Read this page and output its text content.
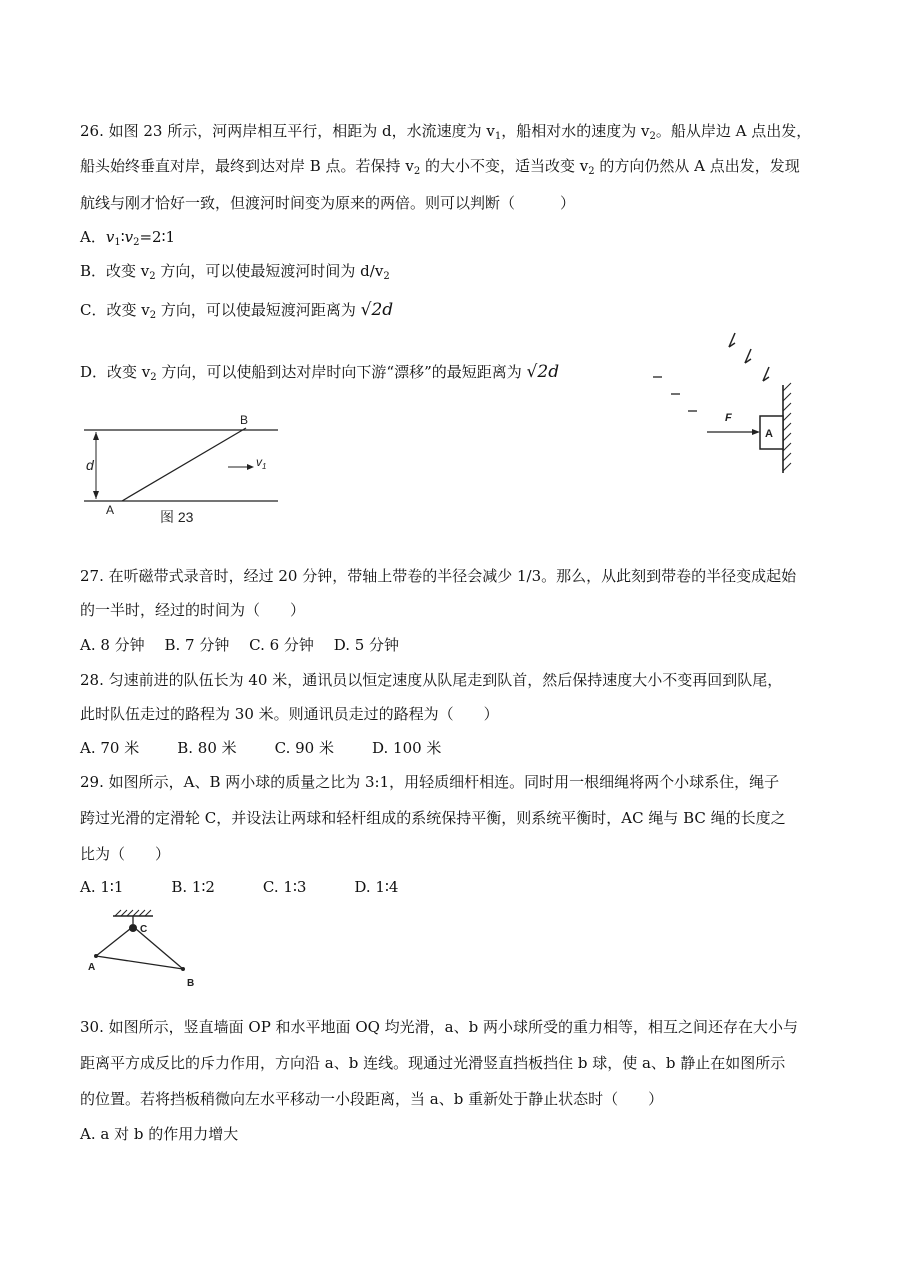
26. 如图 23 所示，河两岸相互平行，相距为 d，水流速度为 $v_1$，船相对水的速度为 $v_2$。船从岸边 A 点出发，
船头始终垂直对岸，最终到达对岸 B 点。若保持 $v_2$ 的大小不变，适当改变 $v_2$ 的方向仍然从 A 点出发，发现
航线与刚才恰好一致，但渡河时间变为原来的两倍。则可以判断（　　　）
A．$v_1∶v_2=2∶1$
B．改变 $v_2$ 方向，可以使最短渡河时间为 $d/v_2$
C．改变 $v_2$ 方向，可以使最短渡河距离为 √2d
D．改变 $v_2$ 方向，可以使船到达对岸时向下游“漂移”的最短距离为 √2d
d	$v_1$
A
B
图 23
A
F
27. 在听磁带式录音时，经过 20 分钟，带轴上带卷的半径会减少 1/3。那么，从此刻到带卷的半径变成起始
的一半时，经过的时间为（　　）
A. 8 分钟　 B. 7 分钟　 C. 6 分钟　 D. 5 分钟
28. 匀速前进的队伍长为 40 米，通讯员以恒定速度从队尾走到队首，然后保持速度大小不变再回到队尾，
此时队伍走过的路程为 30 米。则通讯员走过的路程为（　　）
A. 70 米	B. 80 米	C. 90 米	D. 100 米
29. 如图所示，A、B 两小球的质量之比为 3:1，用轻质细杆相连。同时用一根细绳将两个小球系住，绳子
跨过光滑的定滑轮 C，并设法让两球和轻杆组成的系统保持平衡，则系统平衡时，AC 绳与 BC 绳的长度之
比为（　　）
A. 1∶1	B. 1∶2	C. 1∶3	D. 1∶4
C
A
B
30. 如图所示，竖直墙面 OP 和水平地面 OQ 均光滑，a、b 两小球所受的重力相等，相互之间还存在大小与
距离平方成反比的斥力作用，方向沿 a、b 连线。现通过光滑竖直挡板挡住 b 球，使 a、b 静止在如图所示
的位置。若将挡板稍微向左水平移动一小段距离，当 a、b 重新处于静止状态时（　　）
A. a 对 b 的作用力增大
